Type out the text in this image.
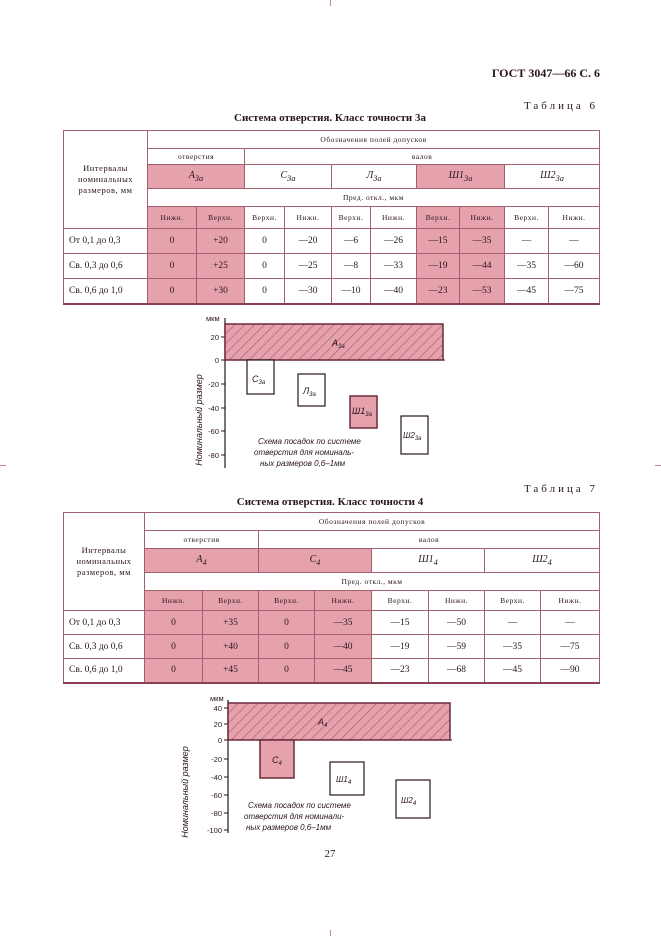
ГОСТ 3047—66 С. 6
Таблица 6
Система отверстия. Класс точности 3а
Интервалы номинальных размеров, мм	Обозначения полей допусков									
	отверстия		валов							
	$A_{3а}$		$C_{3а}$		$Л_{3а}$		$Ш1_{3а}$		$Ш2_{3а}$
	Пред. откл., мкм									
	Нижн.	Верхн.	Верхн.	Нижн.	Верхн.	Нижн.	Верхн.	Нижн.	Верхн.	Нижн.
От 0,1 до 0,3	0	+20	0	—20	—6	—26	—15	—35	—	—
Св. 0,3 до 0,6	0	+25	0	—25	—8	—33	—19	—44	—35	—60
Св. 0,6 до 1,0	0	+30	0	—30	—10	—40	—23	—53	—45	—75
Номинальный размер
мкм
20
0
-20
-40
-60
-80
$A_{3а}$
$C_{3а}$
$Л_{3а}$
$Ш1_{3а}$
$Ш2_{3а}$
Схема посадок по системе
отверстия для номиналь-
ных размеров 0,6–1мм
Таблица 7
Система отверстия. Класс точности 4
Интервалы номинальных размеров, мм	Обозначения полей допусков							
	отверстия		валов					
	$A_4$		$C_4$		$Ш1_4$		$Ш2_4$
	Пред. откл., мкм							
	Нижн.	Верхн.	Верхн.	Нижн.	Верхн.	Нижн.	Верхн.	Нижн.
От 0,1 до 0,3	0	+35	0	—35	—15	—50	—	—
Св. 0,3 до 0,6	0	+40	0	—40	—19	—59	—35	—75
Св. 0,6 до 1,0	0	+45	0	—45	—23	—68	—45	—90
Номинальный размер
мкм
40
20
0
-20
-40
-60
-80
-100
$A_4$
$C_4$
$Ш1_4$
$Ш2_4$
Схема посадок по системе
отверстия для номинали-
ных размеров 0,6–1мм
27
